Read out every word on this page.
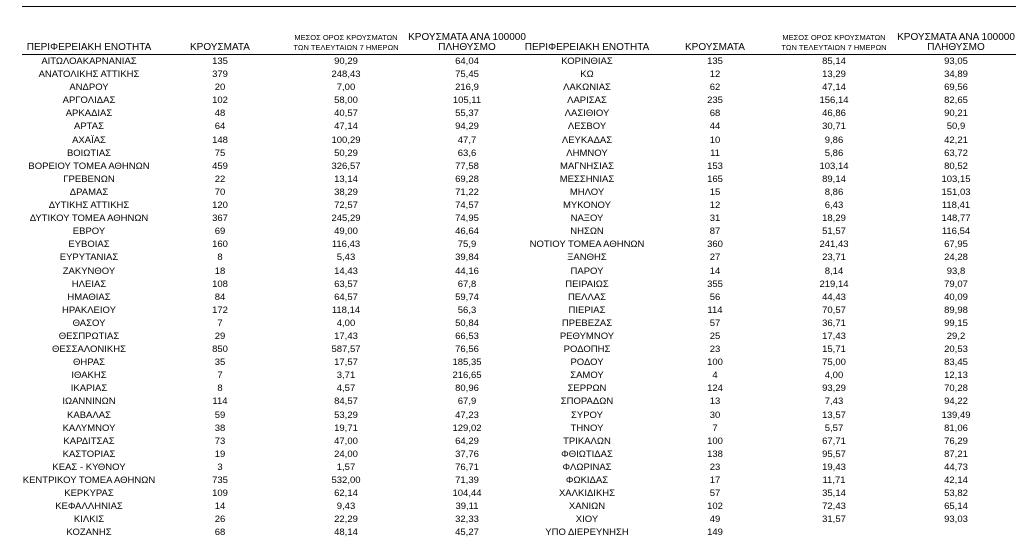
ΠΕΡΙΦΕΡΕΙΑΚΗ ΕΝΟΤΗΤΑ	ΚΡΟΥΣΜΑΤΑ
ΜΕΣΟΣ ΟΡΟΣ ΚΡΟΥΣΜΑΤΩΝ
ΤΩΝ ΤΕΛΕΥΤΑΙΩΝ 7 ΗΜΕΡΩΝ
ΚΡΟΥΣΜΑΤΑ ΑΝΑ 100000
ΠΛΗΘΥΣΜΟ
ΑΙΤΩΛΟΑΚΑΡΝΑΝΙΑΣ	135	90,29	64,04
ΑΝΑΤΟΛΙΚΗΣ ΑΤΤΙΚΗΣ	379	248,43	75,45
ΑΝΔΡΟΥ	20	7,00	216,9
ΑΡΓΟΛΙΔΑΣ	102	58,00	105,11
ΑΡΚΑΔΙΑΣ	48	40,57	55,37
ΑΡΤΑΣ	64	47,14	94,29
ΑΧΑΪΑΣ	148	100,29	47,7
ΒΟΙΩΤΙΑΣ	75	50,29	63,6
ΒΟΡΕΙΟΥ ΤΟΜΕΑ ΑΘΗΝΩΝ	459	326,57	77,58
ΓΡΕΒΕΝΩΝ	22	13,14	69,28
ΔΡΑΜΑΣ	70	38,29	71,22
ΔΥΤΙΚΗΣ ΑΤΤΙΚΗΣ	120	72,57	74,57
ΔΥΤΙΚΟΥ ΤΟΜΕΑ ΑΘΗΝΩΝ	367	245,29	74,95
ΕΒΡΟΥ	69	49,00	46,64
ΕΥΒΟΙΑΣ	160	116,43	75,9
ΕΥΡΥΤΑΝΙΑΣ	8	5,43	39,84
ΖΑΚΥΝΘΟΥ	18	14,43	44,16
ΗΛΕΙΑΣ	108	63,57	67,8
ΗΜΑΘΙΑΣ	84	64,57	59,74
ΗΡΑΚΛΕΙΟΥ	172	118,14	56,3
ΘΑΣΟΥ	7	4,00	50,84
ΘΕΣΠΡΩΤΙΑΣ	29	17,43	66,53
ΘΕΣΣΑΛΟΝΙΚΗΣ	850	587,57	76,56
ΘΗΡΑΣ	35	17,57	185,35
ΙΘΑΚΗΣ	7	3,71	216,65
ΙΚΑΡΙΑΣ	8	4,57	80,96
ΙΩΑΝΝΙΝΩΝ	114	84,57	67,9
ΚΑΒΑΛΑΣ	59	53,29	47,23
ΚΑΛΥΜΝΟΥ	38	19,71	129,02
ΚΑΡΔΙΤΣΑΣ	73	47,00	64,29
ΚΑΣΤΟΡΙΑΣ	19	24,00	37,76
ΚΕΑΣ - ΚΥΘΝΟΥ	3	1,57	76,71
ΚΕΝΤΡΙΚΟΥ ΤΟΜΕΑ ΑΘΗΝΩΝ	735	532,00	71,39
ΚΕΡΚΥΡΑΣ	109	62,14	104,44
ΚΕΦΑΛΛΗΝΙΑΣ	14	9,43	39,11
ΚΙΛΚΙΣ	26	22,29	32,33
ΚΟΖΑΝΗΣ	68	48,14	45,27
ΠΕΡΙΦΕΡΕΙΑΚΗ ΕΝΟΤΗΤΑ	ΚΡΟΥΣΜΑΤΑ
ΜΕΣΟΣ ΟΡΟΣ ΚΡΟΥΣΜΑΤΩΝ
ΤΩΝ ΤΕΛΕΥΤΑΙΩΝ 7 ΗΜΕΡΩΝ
ΚΡΟΥΣΜΑΤΑ ΑΝΑ 100000
ΠΛΗΘΥΣΜΟ
ΚΟΡΙΝΘΙΑΣ	135	85,14	93,05
ΚΩ	12	13,29	34,89
ΛΑΚΩΝΙΑΣ	62	47,14	69,56
ΛΑΡΙΣΑΣ	235	156,14	82,65
ΛΑΣΙΘΙΟΥ	68	46,86	90,21
ΛΕΣΒΟΥ	44	30,71	50,9
ΛΕΥΚΑΔΑΣ	10	9,86	42,21
ΛΗΜΝΟΥ	11	5,86	63,72
ΜΑΓΝΗΣΙΑΣ	153	103,14	80,52
ΜΕΣΣΗΝΙΑΣ	165	89,14	103,15
ΜΗΛΟΥ	15	8,86	151,03
ΜΥΚΟΝΟΥ	12	6,43	118,41
ΝΑΞΟΥ	31	18,29	148,77
ΝΗΣΩΝ	87	51,57	116,54
ΝΟΤΙΟΥ ΤΟΜΕΑ ΑΘΗΝΩΝ	360	241,43	67,95
ΞΑΝΘΗΣ	27	23,71	24,28
ΠΑΡΟΥ	14	8,14	93,8
ΠΕΙΡΑΙΩΣ	355	219,14	79,07
ΠΕΛΛΑΣ	56	44,43	40,09
ΠΙΕΡΙΑΣ	114	70,57	89,98
ΠΡΕΒΕΖΑΣ	57	36,71	99,15
ΡΕΘΥΜΝΟΥ	25	17,43	29,2
ΡΟΔΟΠΗΣ	23	15,71	20,53
ΡΟΔΟΥ	100	75,00	83,45
ΣΑΜΟΥ	4	4,00	12,13
ΣΕΡΡΩΝ	124	93,29	70,28
ΣΠΟΡΑΔΩΝ	13	7,43	94,22
ΣΥΡΟΥ	30	13,57	139,49
ΤΗΝΟΥ	7	5,57	81,06
ΤΡΙΚΑΛΩΝ	100	67,71	76,29
ΦΘΙΩΤΙΔΑΣ	138	95,57	87,21
ΦΛΩΡΙΝΑΣ	23	19,43	44,73
ΦΩΚΙΔΑΣ	17	11,71	42,14
ΧΑΛΚΙΔΙΚΗΣ	57	35,14	53,82
ΧΑΝΙΩΝ	102	72,43	65,14
ΧΙΟΥ	49	31,57	93,03
ΥΠΟ ΔΙΕΡΕΥΝΗΣΗ	149
